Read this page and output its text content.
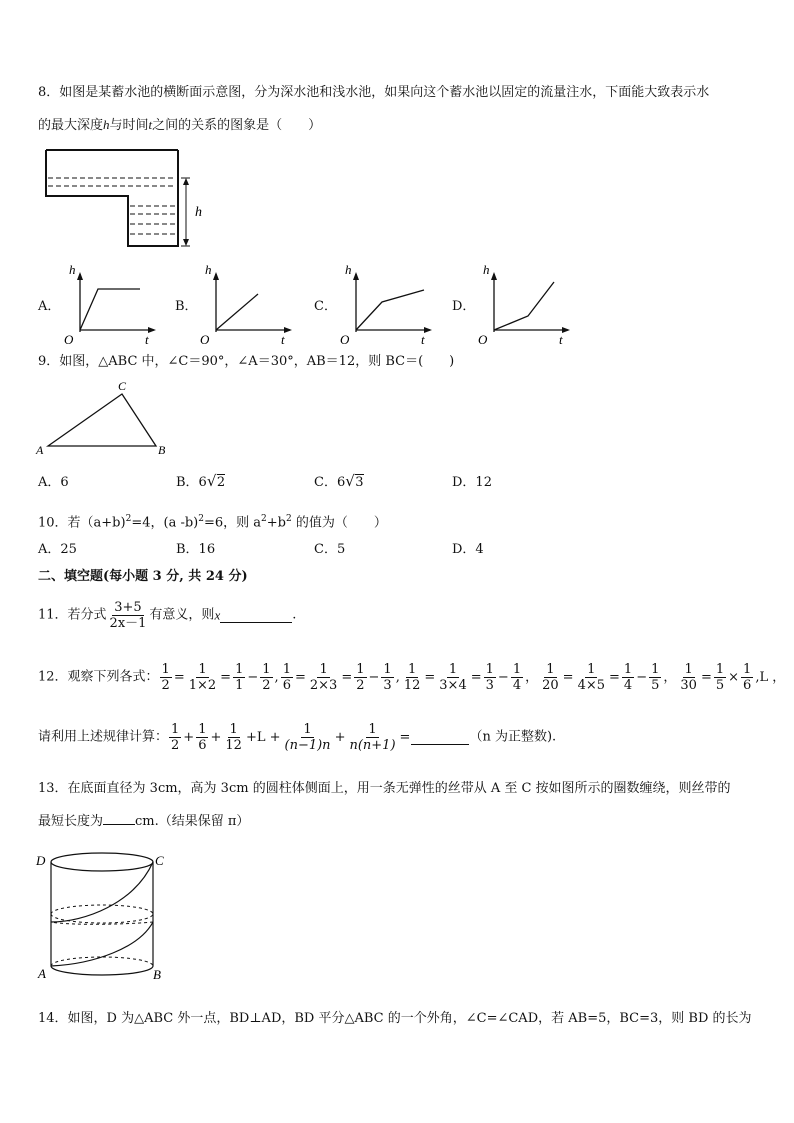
8．如图是某蓄水池的横断面示意图，分为深水池和浅水池，如果向这个蓄水池以固定的流量注水，下面能大致表示水
的最大深度h与时间t之间的关系的图象是（　　）
h
A．
h
O	t
B．
h
O	t
C．
h
O	t
D．
h
O	t
9．如图，△ABC 中，∠C＝90°，∠A＝30°，AB＝12，则 BC＝(　　)
A	B
C
A．6	B．6 √ 2	C．6 √ 3	D．12
10．若（a+b)$^2$=4，(a -b)$^2$=6，则 $a^2+b^2$ 的值为（　　）
A．25	B．16	C．5	D．4
二、填空题(每小题 3 分, 共 24 分)
11．若分式 $\frac{3+5}{2x-1}$ 有意义，则x	.
12．观察下列各式： $\frac{1}{2} = \frac{1}{1\times 2} = \frac{1}{1} - \frac{1}{2}$ , $\frac{1}{6} = \frac{1}{2\times 3} = \frac{1}{2} - \frac{1}{3}$ , $\frac{1}{12} = \frac{1}{3\times 4} = \frac{1}{3} - \frac{1}{4}$ ， $\frac{1}{20} = \frac{1}{4\times 5} = \frac{1}{4} - \frac{1}{5}$ ， $\frac{1}{30} = \frac{1}{5} \times \frac{1}{6} ,L$ ，
请利用上述规律计算： $\frac{1}{2} + \frac{1}{6} + \frac{1}{12} +L + \frac{1}{(n-1)n} + \frac{1}{n(n+1)}$ =	（n 为正整数).
13．在底面直径为 3cm，高为 3cm 的圆柱体侧面上，用一条无弹性的丝带从 A 至 C 按如图所示的圈数缠绕，则丝带的
最短长度为 cm.（结果保留 π）
D	C
A	B
14．如图，D 为△ABC 外一点，BD⊥AD，BD 平分△ABC 的一个外角，∠C=∠CAD，若 AB=5，BC=3，则 BD 的长为
